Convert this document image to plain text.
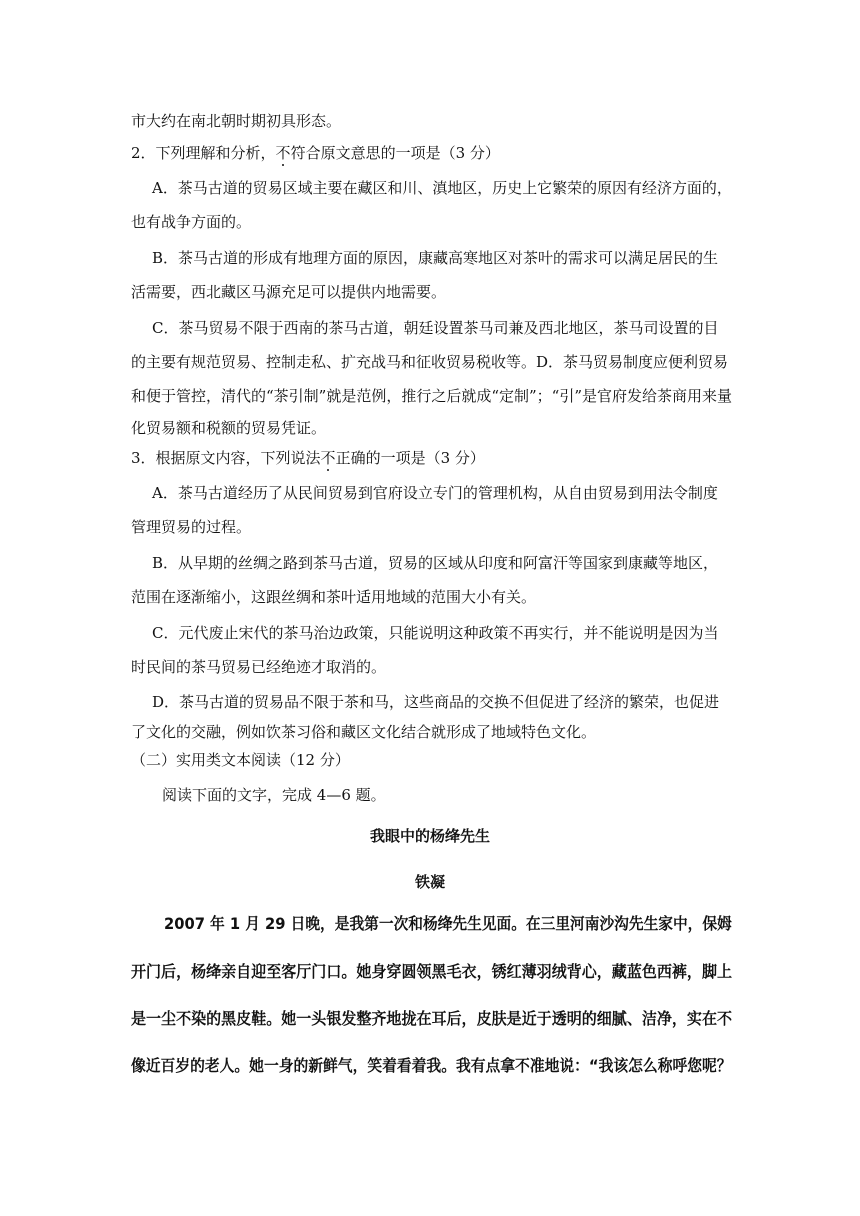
市大约在南北朝时期初具形态。
2．下列理解和分析，不符合原文意思的一项是（3 分）
A．茶马古道的贸易区域主要在藏区和川、滇地区，历史上它繁荣的原因有经济方面的，
也有战争方面的。
B．茶马古道的形成有地理方面的原因，康藏高寒地区对茶叶的需求可以满足居民的生
活需要，西北藏区马源充足可以提供内地需要。
C．茶马贸易不限于西南的茶马古道，朝廷设置茶马司兼及西北地区，茶马司设置的目
的主要有规范贸易、控制走私、扩充战马和征收贸易税收等。D．茶马贸易制度应便利贸易
和便于管控，清代的“茶引制”就是范例，推行之后就成“定制”；“引”是官府发给茶商用来量
化贸易额和税额的贸易凭证。
3．根据原文内容，下列说法不正确的一项是（3 分）
A．茶马古道经历了从民间贸易到官府设立专门的管理机构，从自由贸易到用法令制度
管理贸易的过程。
B．从早期的丝绸之路到茶马古道，贸易的区域从印度和阿富汗等国家到康藏等地区，
范围在逐渐缩小，这跟丝绸和茶叶适用地域的范围大小有关。
C．元代废止宋代的茶马治边政策，只能说明这种政策不再实行，并不能说明是因为当
时民间的茶马贸易已经绝迹才取消的。
D．茶马古道的贸易品不限于茶和马，这些商品的交换不但促进了经济的繁荣，也促进
了文化的交融，例如饮茶习俗和藏区文化结合就形成了地域特色文化。
（二）实用类文本阅读（12 分）
阅读下面的文字，完成 4—6 题。
我眼中的杨绛先生
铁凝
2007 年 1 月 29 日晚，是我第一次和杨绛先生见面。在三里河南沙沟先生家中，保姆
开门后，杨绛亲自迎至客厅门口。她身穿圆领黑毛衣，锈红薄羽绒背心，藏蓝色西裤，脚上
是一尘不染的黑皮鞋。她一头银发整齐地拢在耳后，皮肤是近于透明的细腻、洁净，实在不
像近百岁的老人。她一身的新鲜气，笑着看着我。我有点拿不准地说：“我该怎么称呼您呢？
